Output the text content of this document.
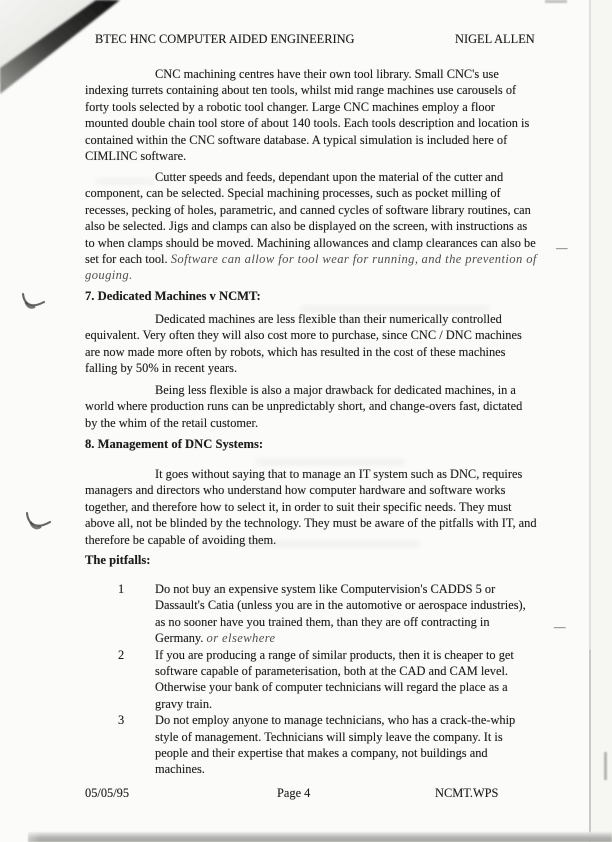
BTEC HNC COMPUTER AIDED ENGINEERING	NIGEL ALLEN
CNC machining centres have their own tool library. Small CNC's use indexing turrets containing about ten tools, whilst mid range machines use carousels of forty tools selected by a robotic tool changer. Large CNC machines employ a floor mounted double chain tool store of about 140 tools. Each tools description and location is contained within the CNC software database. A typical simulation is included here of CIMLINC software.
Cutter speeds and feeds, dependant upon the material of the cutter and component, can be selected. Special machining processes, such as pocket milling of recesses, pecking of holes, parametric, and canned cycles of software library routines, can also be selected. Jigs and clamps can also be displayed on the screen, with instructions as to when clamps should be moved. Machining allowances and clamp clearances can also be set for each tool. Software can allow for tool wear for running, and the prevention of gouging.
—
7. Dedicated Machines v NCMT:
Dedicated machines are less flexible than their numerically controlled equivalent. Very often they will also cost more to purchase, since CNC / DNC machines are now made more often by robots, which has resulted in the cost of these machines falling by 50% in recent years.
Being less flexible is also a major drawback for dedicated machines, in a world where production runs can be unpredictably short, and change-overs fast, dictated by the whim of the retail customer.
8. Management of DNC Systems:
It goes without saying that to manage an IT system such as DNC, requires managers and directors who understand how computer hardware and software works together, and therefore how to select it, in order to suit their specific needs. They must above all, not be blinded by the technology. They must be aware of the pitfalls with IT, and therefore be capable of avoiding them.
The pitfalls:
1	Do not buy an expensive system like Computervision's CADDS 5 or Dassault's Catia (unless you are in the automotive or aerospace industries), as no sooner have you trained them, than they are off contracting in Germany. or elsewhere
2	If you are producing a range of similar products, then it is cheaper to get software capable of parameterisation, both at the CAD and CAM level. Otherwise your bank of computer technicians will regard the place as a gravy train.
3	Do not employ anyone to manage technicians, who has a crack-the-whip style of management. Technicians will simply leave the company. It is people and their expertise that makes a company, not buildings and machines.
—
05/05/95	Page 4	NCMT.WPS
